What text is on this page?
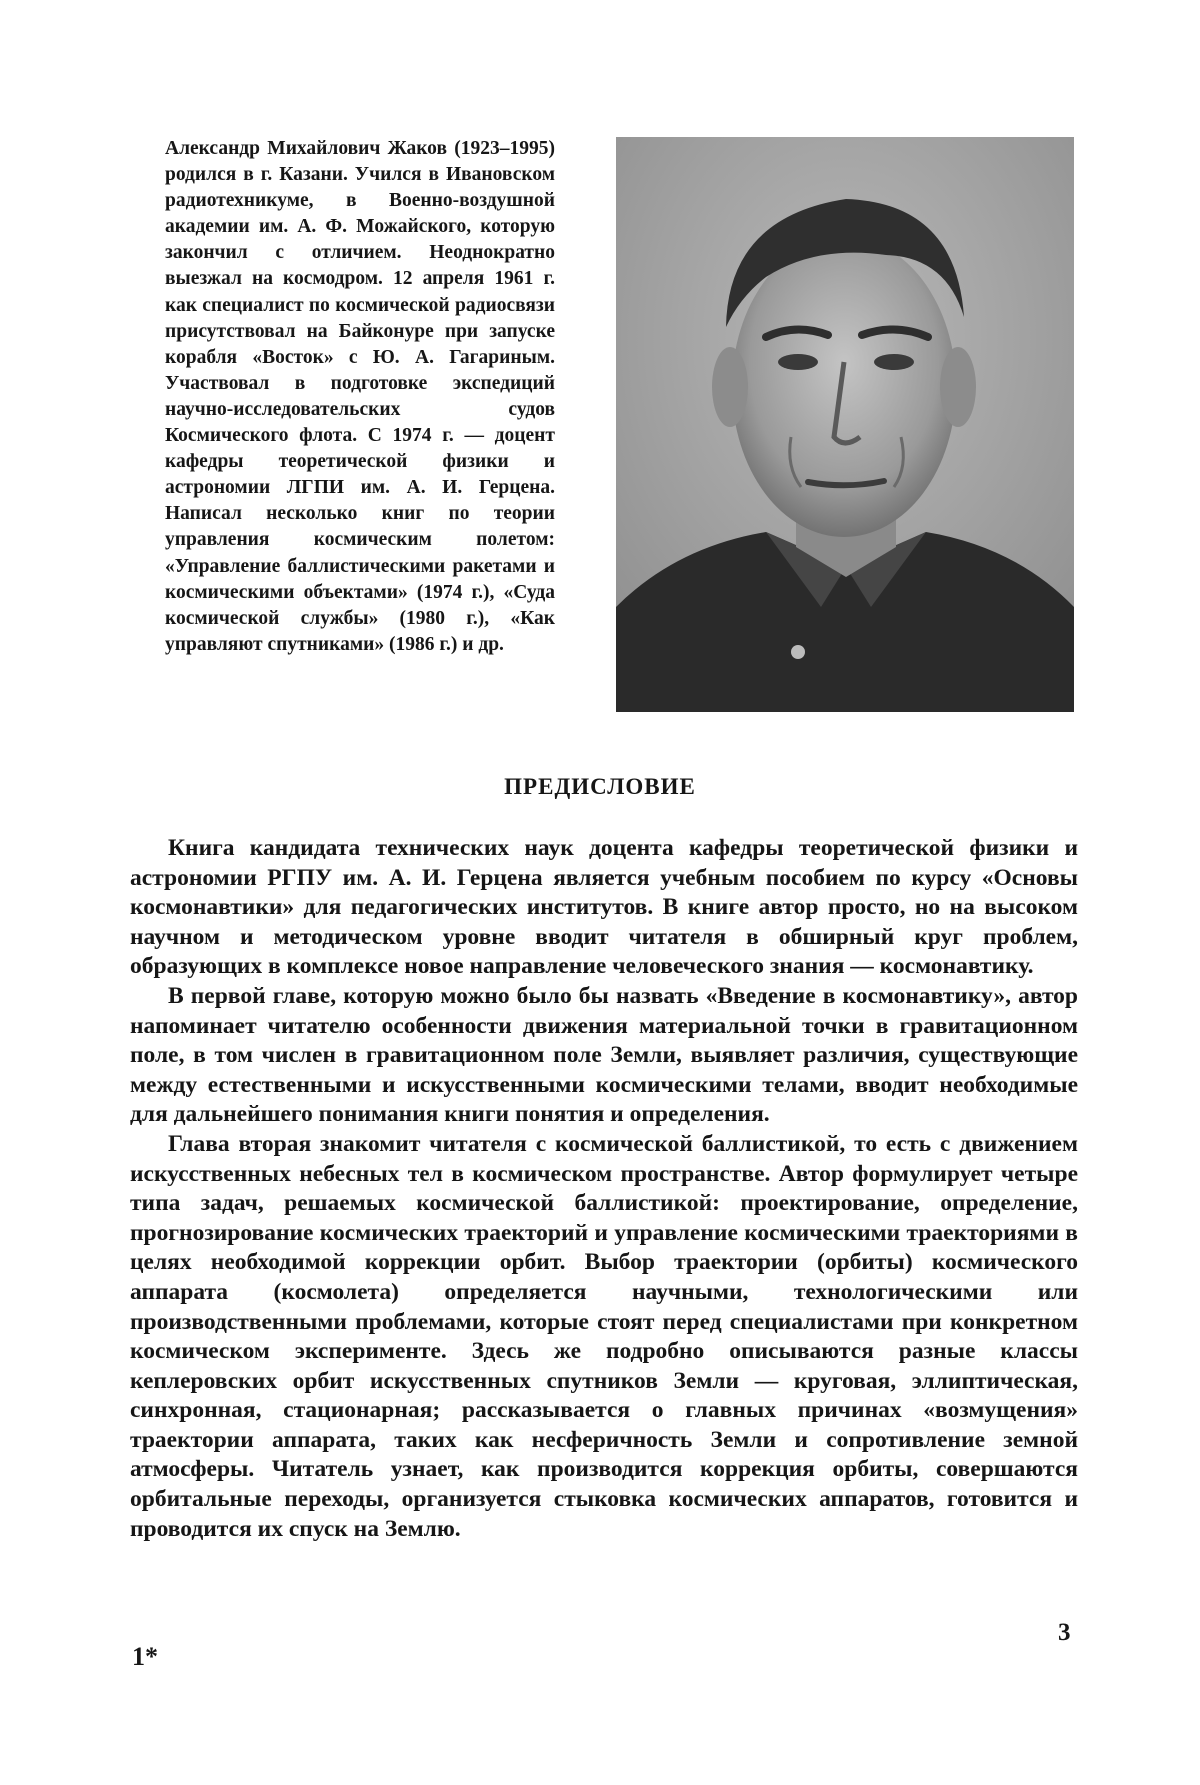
Александр Михайлович Жаков (1923–1995) родился в г. Казани. Учился в Ивановском радиотехникуме, в Военно-воздушной академии им. А. Ф. Можайского, которую закончил с отличием. Неоднократно выезжал на космодром. 12 апреля 1961 г. как специалист по космической радиосвязи присутствовал на Байконуре при запуске корабля «Восток» с Ю. А. Гагариным. Участвовал в подготовке экспедиций научно-исследовательских судов Космического флота. С 1974 г. — доцент кафедры теоретической физики и астрономии ЛГПИ им. А. И. Герцена. Написал несколько книг по теории управления космическим полетом: «Управление баллистическими ракетами и космическими объектами» (1974 г.), «Суда космической службы» (1980 г.), «Как управляют спутниками» (1986 г.) и др.

ПРЕДИСЛОВИЕ

Книга кандидата технических наук доцента кафедры теоретической физики и астрономии РГПУ им. А. И. Герцена является учебным пособием по курсу «Основы космонавтики» для педагогических институтов. В книге автор просто, но на высоком научном и методическом уровне вводит читателя в обширный круг проблем, образующих в комплексе новое направление человеческого знания — космонавтику.

В первой главе, которую можно было бы назвать «Введение в космонавтику», автор напоминает читателю особенности движения материальной точки в гравитационном поле, в том числен в гравитационном поле Земли, выявляет различия, существующие между естественными и искусственными космическими телами, вводит необходимые для дальнейшего понимания книги понятия и определения.

Глава вторая знакомит читателя с космической баллистикой, то есть с движением искусственных небесных тел в космическом пространстве. Автор формулирует четыре типа задач, решаемых космической баллистикой: проектирование, определение, прогнозирование космических траекторий и управление космическими траекториями в целях необходимой коррекции орбит. Выбор траектории (орбиты) космического аппарата (космолета) определяется научными, технологическими или производственными проблемами, которые стоят перед специалистами при конкретном космическом эксперименте. Здесь же подробно описываются разные классы кеплеровских орбит искусственных спутников Земли — круговая, эллиптическая, синхронная, стационарная; рассказывается о главных причинах «возмущения» траектории аппарата, таких как несферичность Земли и сопротивление земной атмосферы. Читатель узнает, как производится коррекция орбиты, совершаются орбитальные переходы, организуется стыковка космических аппаратов, готовится и проводится их спуск на Землю.

1*
3
